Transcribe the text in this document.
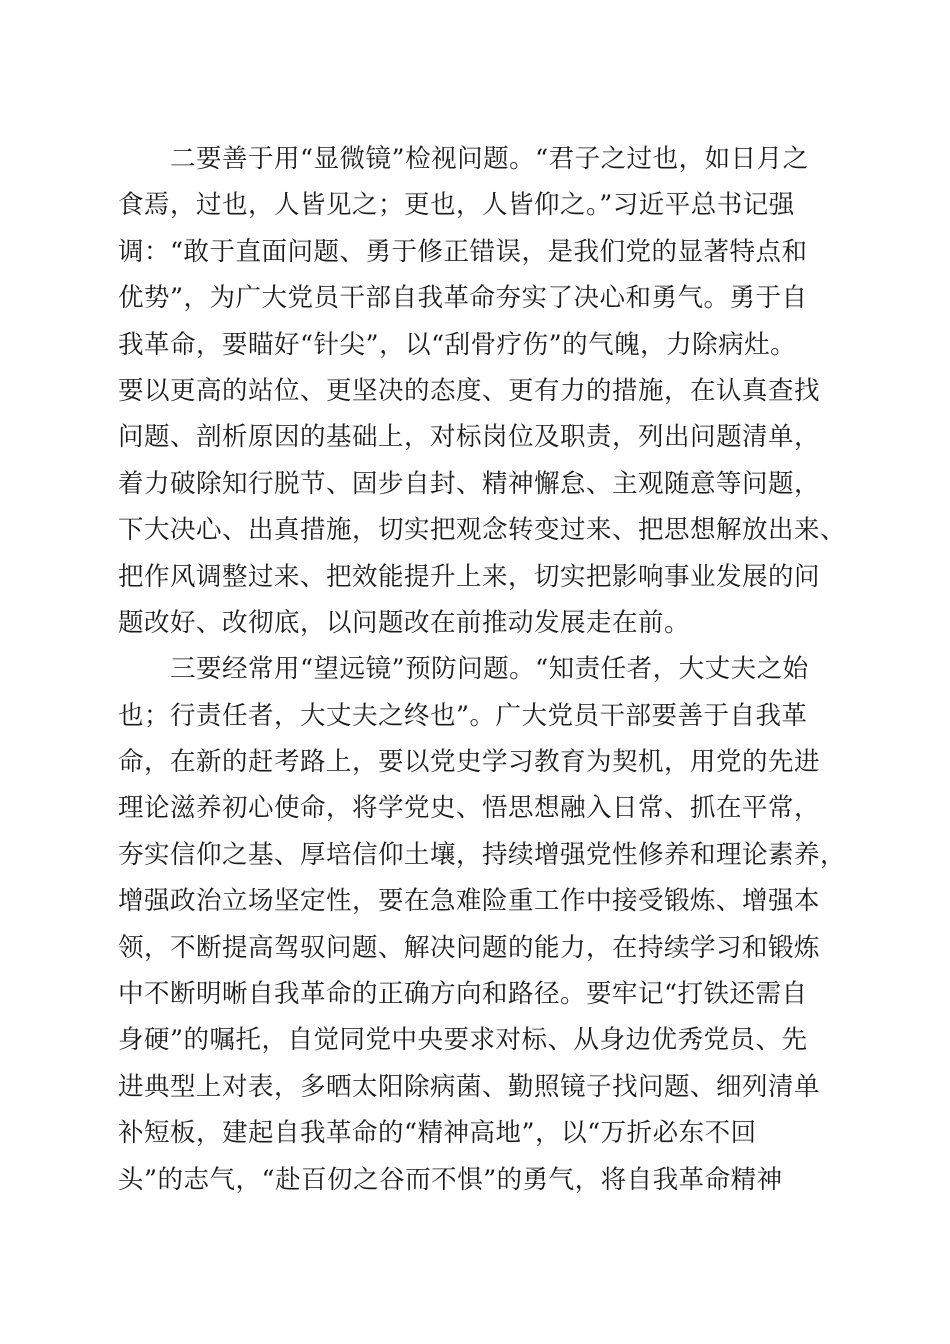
　　二要善于用“显微镜”检视问题。“君子之过也，如日月之
食焉，过也，人皆见之；更也，人皆仰之。”习近平总书记强
调：“敢于直面问题、勇于修正错误，是我们党的显著特点和
优势”，为广大党员干部自我革命夯实了决心和勇气。勇于自
我革命，要瞄好“针尖”，以“刮骨疗伤”的气魄，力除病灶。
要以更高的站位、更坚决的态度、更有力的措施，在认真查找
问题、剖析原因的基础上，对标岗位及职责，列出问题清单，
着力破除知行脱节、固步自封、精神懈怠、主观随意等问题，
下大决心、出真措施，切实把观念转变过来、把思想解放出来、
把作风调整过来、把效能提升上来，切实把影响事业发展的问
题改好、改彻底，以问题改在前推动发展走在前。
　　三要经常用“望远镜”预防问题。“知责任者，大丈夫之始
也；行责任者，大丈夫之终也”。广大党员干部要善于自我革
命，在新的赶考路上，要以党史学习教育为契机，用党的先进
理论滋养初心使命，将学党史、悟思想融入日常、抓在平常，
夯实信仰之基、厚培信仰土壤，持续增强党性修养和理论素养，
增强政治立场坚定性，要在急难险重工作中接受锻炼、增强本
领，不断提高驾驭问题、解决问题的能力，在持续学习和锻炼
中不断明晰自我革命的正确方向和路径。要牢记“打铁还需自
身硬”的嘱托，自觉同党中央要求对标、从身边优秀党员、先
进典型上对表，多晒太阳除病菌、勤照镜子找问题、细列清单
补短板，建起自我革命的“精神高地”，以“万折必东不回
头”的志气，“赴百仞之谷而不惧”的勇气，将自我革命精神
